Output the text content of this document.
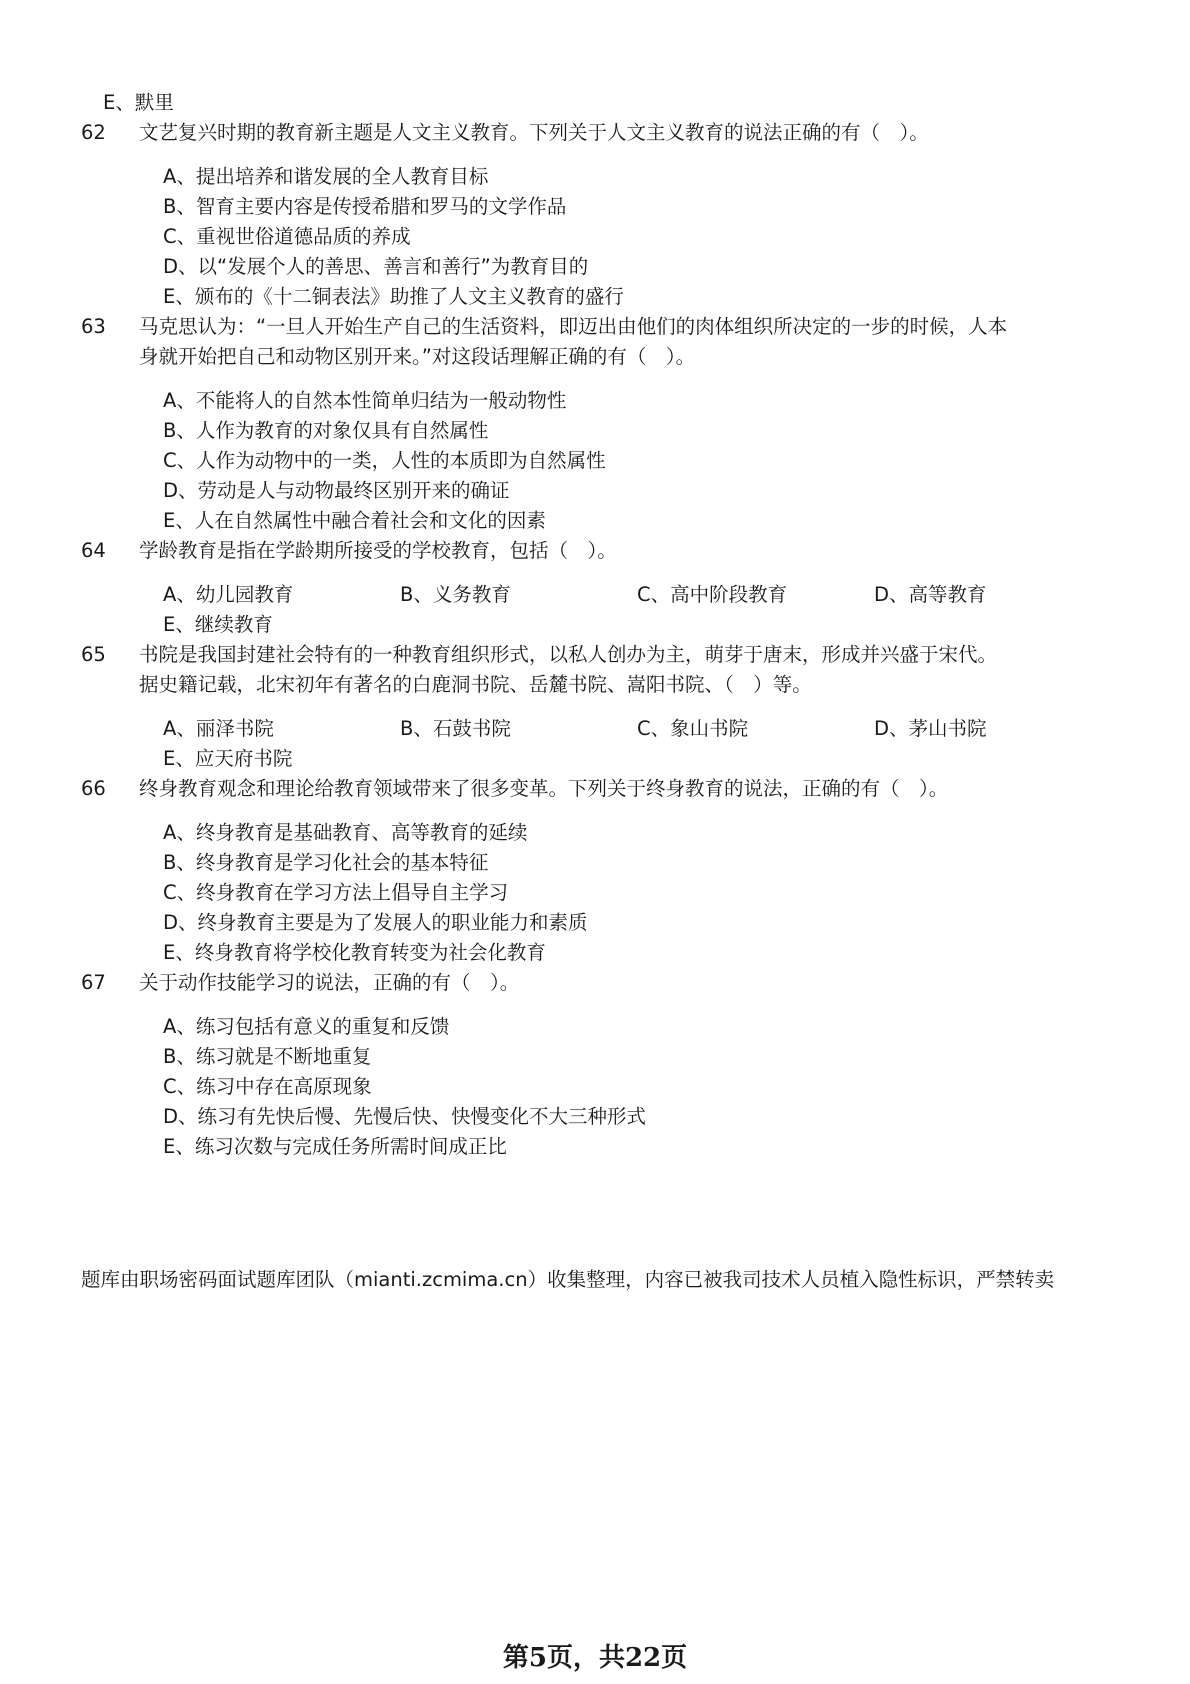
E、默里
62	文艺复兴时期的教育新主题是人文主义教育。下列关于人文主义教育的说法正确的有（　）。
A、提出培养和谐发展的全人教育目标
B、智育主要内容是传授希腊和罗马的文学作品
C、重视世俗道德品质的养成
D、以“发展个人的善思、善言和善行”为教育目的
E、颁布的《十二铜表法》助推了人文主义教育的盛行
63	马克思认为：“一旦人开始生产自己的生活资料，即迈出由他们的肉体组织所决定的一步的时候，人本
身就开始把自己和动物区别开来。”对这段话理解正确的有（　）。
A、不能将人的自然本性简单归结为一般动物性
B、人作为教育的对象仅具有自然属性
C、人作为动物中的一类，人性的本质即为自然属性
D、劳动是人与动物最终区别开来的确证
E、人在自然属性中融合着社会和文化的因素
64	学龄教育是指在学龄期所接受的学校教育，包括（　）。
A、幼儿园教育	B、义务教育	C、高中阶段教育	D、高等教育
E、继续教育
65	书院是我国封建社会特有的一种教育组织形式，以私人创办为主，萌芽于唐末，形成并兴盛于宋代。
据史籍记载，北宋初年有著名的白鹿洞书院、岳麓书院、嵩阳书院、（　）等。
A、丽泽书院	B、石鼓书院	C、象山书院	D、茅山书院
E、应天府书院
66	终身教育观念和理论给教育领域带来了很多变革。下列关于终身教育的说法，正确的有（　）。
A、终身教育是基础教育、高等教育的延续
B、终身教育是学习化社会的基本特征
C、终身教育在学习方法上倡导自主学习
D、终身教育主要是为了发展人的职业能力和素质
E、终身教育将学校化教育转变为社会化教育
67	关于动作技能学习的说法，正确的有（　）。
A、练习包括有意义的重复和反馈
B、练习就是不断地重复
C、练习中存在高原现象
D、练习有先快后慢、先慢后快、快慢变化不大三种形式
E、练习次数与完成任务所需时间成正比
题库由职场密码面试题库团队（mianti.zcmima.cn）收集整理，内容已被我司技术人员植入隐性标识，严禁转卖
第5页，共22页
